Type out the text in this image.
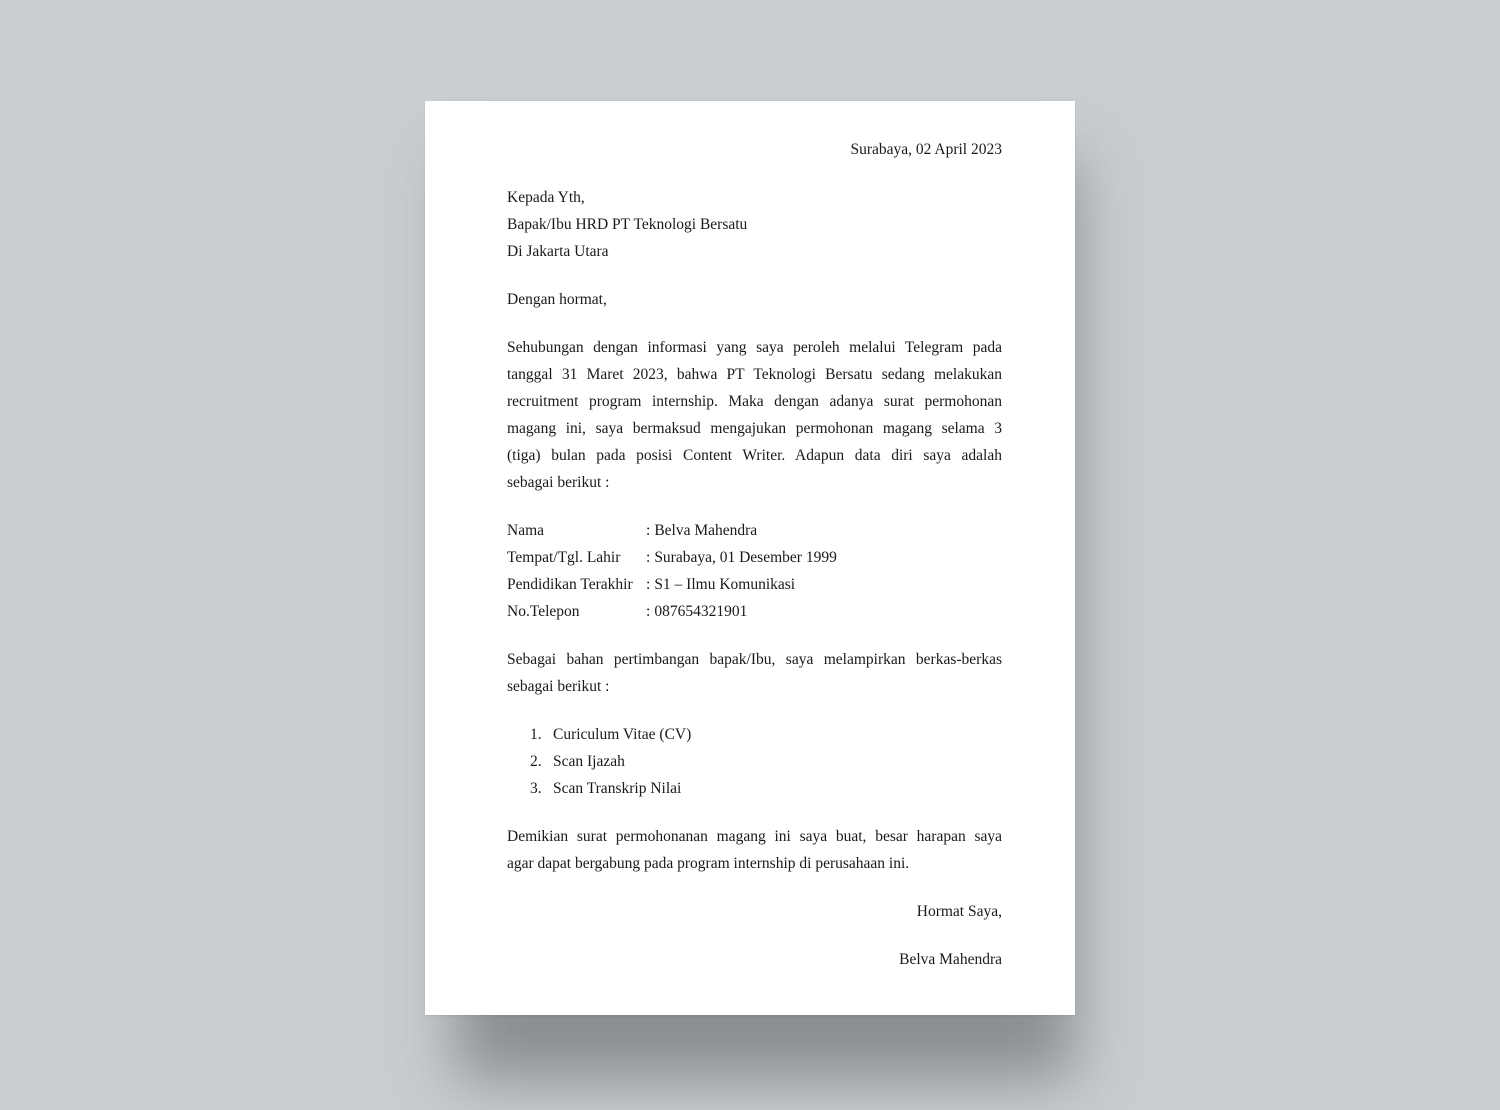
Surabaya, 02 April 2023
Kepada Yth,
Bapak/Ibu HRD PT Teknologi Bersatu
Di Jakarta Utara
Dengan hormat,
Sehubungan dengan informasi yang saya peroleh melalui Telegram pada
tanggal 31 Maret 2023, bahwa PT Teknologi Bersatu sedang melakukan
recruitment program internship. Maka dengan adanya surat permohonan
magang ini, saya bermaksud mengajukan permohonan magang selama 3
(tiga) bulan pada posisi Content Writer. Adapun data diri saya adalah
sebagai berikut :
Nama	: Belva Mahendra
Tempat/Tgl. Lahir	: Surabaya, 01 Desember 1999
Pendidikan Terakhir : S1 – Ilmu Komunikasi
No.Telepon	: 087654321901
Sebagai bahan pertimbangan bapak/Ibu, saya melampirkan berkas-berkas
sebagai berikut :
1. Curiculum Vitae (CV)
2. Scan Ijazah
3. Scan Transkrip Nilai
Demikian surat permohonanan magang ini saya buat, besar harapan saya
agar dapat bergabung pada program internship di perusahaan ini.
Hormat Saya,
Belva Mahendra
